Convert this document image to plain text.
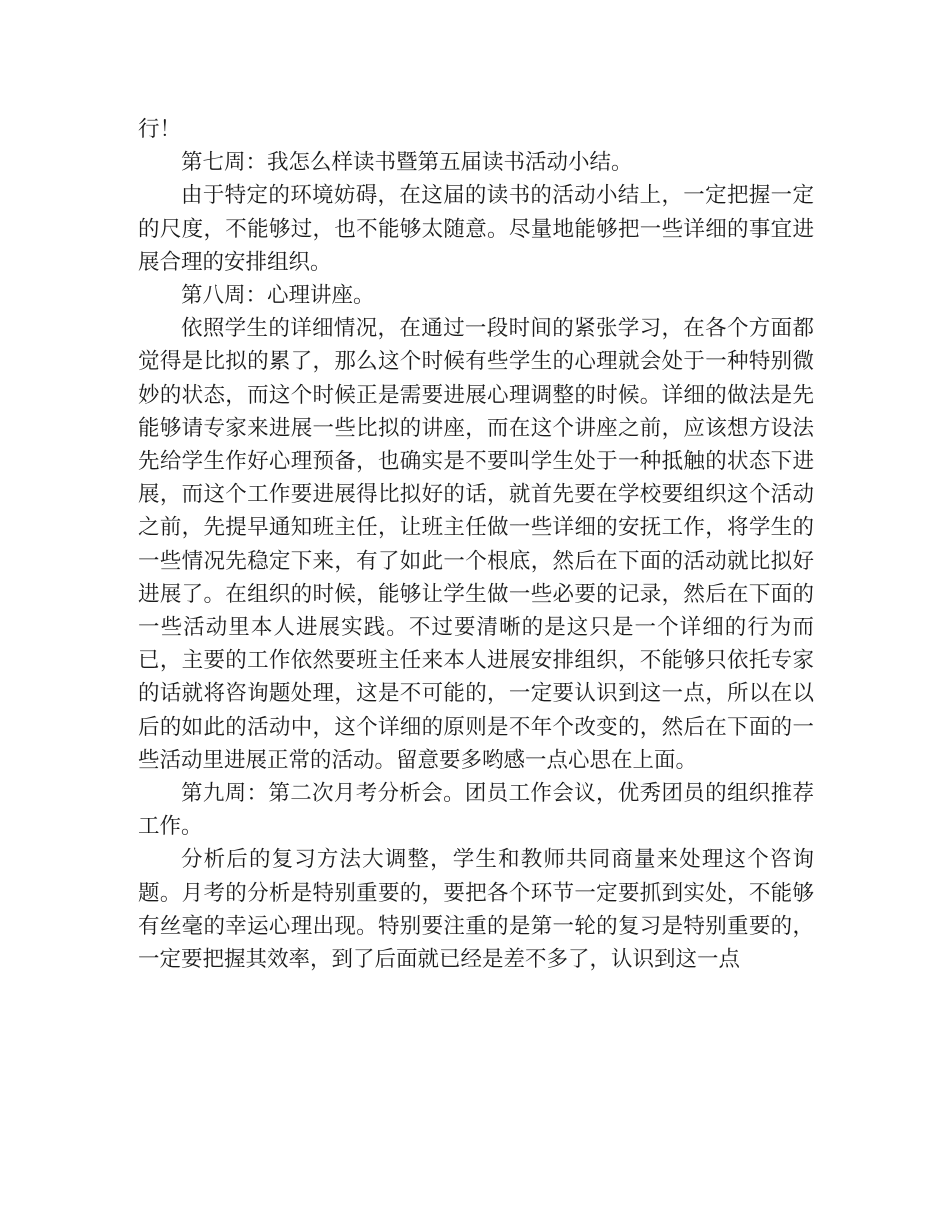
行！

第七周：我怎么样读书暨第五届读书活动小结。

由于特定的环境妨碍，在这届的读书的活动小结上，一定把握一定的尺度，不能够过，也不能够太随意。尽量地能够把一些详细的事宜进展合理的安排组织。

第八周：心理讲座。

依照学生的详细情况，在通过一段时间的紧张学习，在各个方面都觉得是比拟的累了，那么这个时候有些学生的心理就会处于一种特别微妙的状态，而这个时候正是需要进展心理调整的时候。详细的做法是先能够请专家来进展一些比拟的讲座，而在这个讲座之前，应该想方设法先给学生作好心理预备，也确实是不要叫学生处于一种抵触的状态下进展，而这个工作要进展得比拟好的话，就首先要在学校要组织这个活动之前，先提早通知班主任，让班主任做一些详细的安抚工作，将学生的一些情况先稳定下来，有了如此一个根底，然后在下面的活动就比拟好进展了。在组织的时候，能够让学生做一些必要的记录，然后在下面的一些活动里本人进展实践。不过要清晰的是这只是一个详细的行为而已，主要的工作依然要班主任来本人进展安排组织，不能够只依托专家的话就将咨询题处理，这是不可能的，一定要认识到这一点，所以在以后的如此的活动中，这个详细的原则是不年个改变的，然后在下面的一些活动里进展正常的活动。留意要多哟感一点心思在上面。

第九周：第二次月考分析会。团员工作会议，优秀团员的组织推荐工作。

分析后的复习方法大调整，学生和教师共同商量来处理这个咨询题。月考的分析是特别重要的，要把各个环节一定要抓到实处，不能够有丝毫的幸运心理出现。特别要注重的是第一轮的复习是特别重要的，一定要把握其效率，到了后面就已经是差不多了，认识到这一点
